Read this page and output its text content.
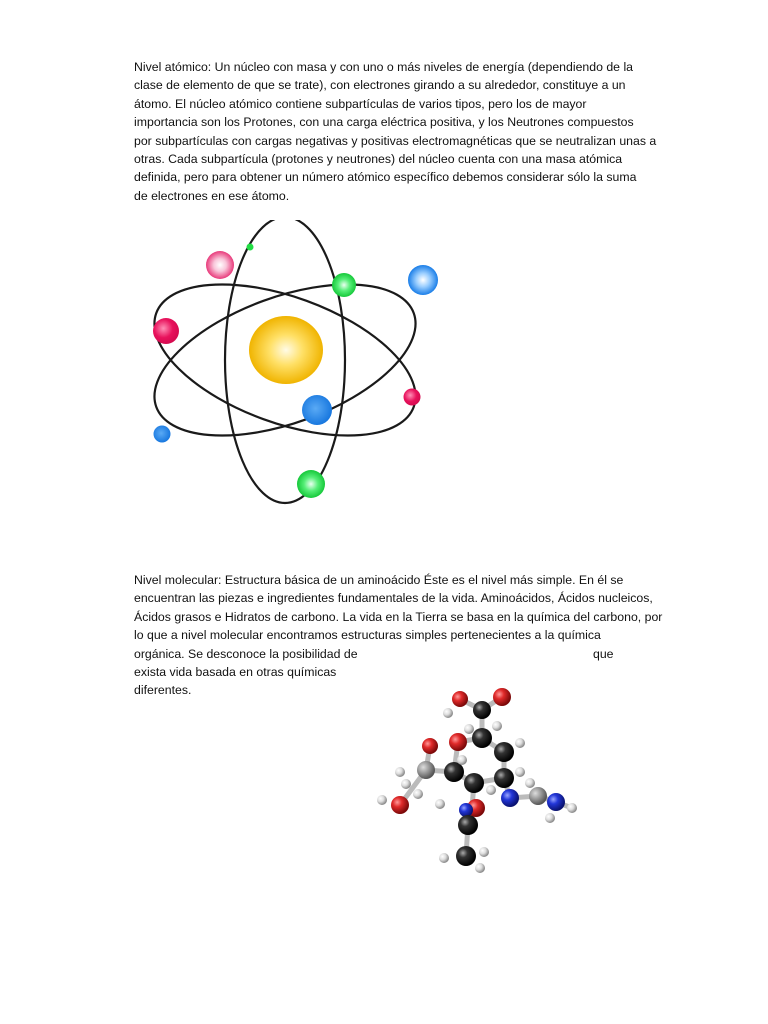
Nivel atómico: Un núcleo con masa y con uno o más niveles de energía (dependiendo de la
clase de elemento de que se trate), con electrones girando a su alrededor, constituye a un
átomo. El núcleo atómico contiene subpartículas de varios tipos, pero los de mayor
importancia son los Protones, con una carga eléctrica positiva, y los Neutrones compuestos
por subpartículas con cargas negativas y positivas electromagnéticas que se neutralizan unas a
otras. Cada subpartícula (protones y neutrones) del núcleo cuenta con una masa atómica
definida, pero para obtener un número atómico específico debemos considerar sólo la suma
de electrones en ese átomo.
Nivel molecular: Estructura básica de un aminoácido Éste es el nivel más simple. En él se
encuentran las piezas e ingredientes fundamentales de la vida. Aminoácidos, Ácidos nucleicos,
Ácidos grasos e Hidratos de carbono. La vida en la Tierra se basa en la química del carbono, por
lo que a nivel molecular encontramos estructuras simples pertenecientes a la química
orgánica. Se desconoce la posibilidad de	que
exista vida basada en otras químicas
diferentes.
